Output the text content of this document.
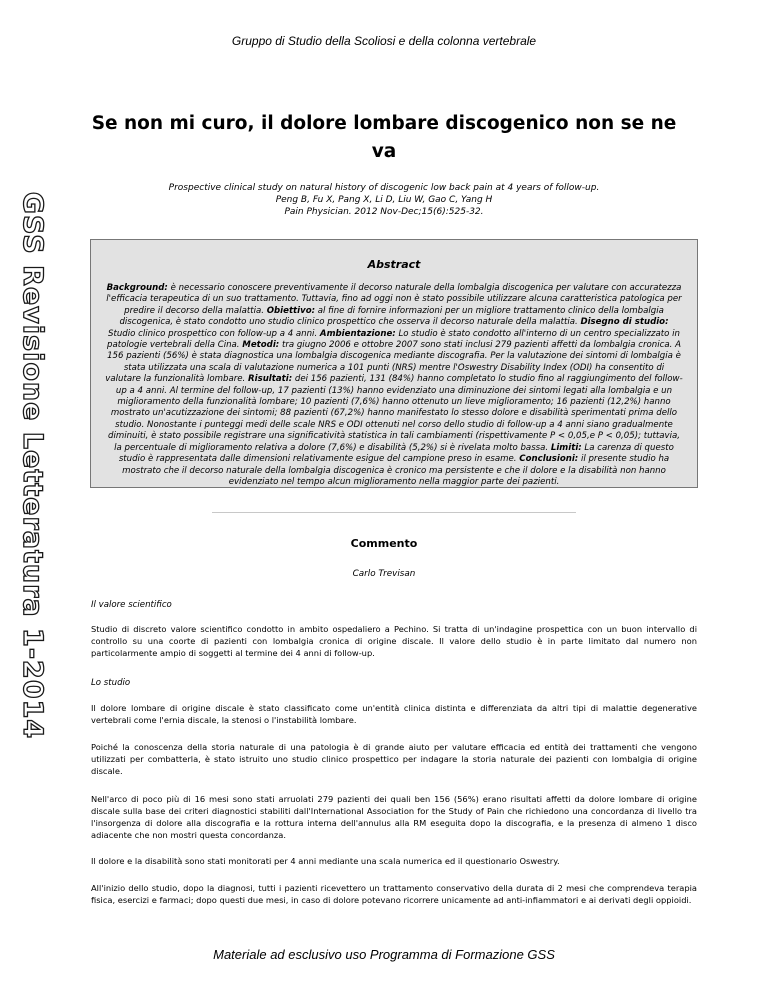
Gruppo di Studio della Scoliosi e della colonna vertebrale
Se non mi curo, il dolore lombare discogenico non se ne va
Prospective clinical study on natural history of discogenic low back pain at 4 years of follow-up.
Peng B, Fu X, Pang X, Li D, Liu W, Gao C, Yang H
Pain Physician. 2012 Nov-Dec;15(6):525-32.
GSS Revisione Letteratura 1-2014	Abstract
Background: è necessario conoscere preventivamente il decorso naturale della lombalgia discogenica per valutare con accuratezza l'efficacia terapeutica di un suo trattamento. Tuttavia, fino ad oggi non è stato possibile utilizzare alcuna caratteristica patologica per predire il decorso della malattia. Obiettivo: al fine di fornire informazioni per un migliore trattamento clinico della lombalgia discogenica, è stato condotto uno studio clinico prospettico che osserva il decorso naturale della malattia. Disegno di studio: Studio clinico prospettico con follow-up a 4 anni. Ambientazione: Lo studio è stato condotto all'interno di un centro specializzato in patologie vertebrali della Cina. Metodi: tra giugno 2006 e ottobre 2007 sono stati inclusi 279 pazienti affetti da lombalgia cronica. A 156 pazienti (56%) è stata diagnostica una lombalgia discogenica mediante discografia. Per la valutazione dei sintomi di lombalgia è stata utilizzata una scala di valutazione numerica a 101 punti (NRS) mentre l'Oswestry Disability Index (ODI) ha consentito di valutare la funzionalità lombare. Risultati: dei 156 pazienti, 131 (84%) hanno completato lo studio fino al raggiungimento del follow-up a 4 anni. Al termine del follow-up, 17 pazienti (13%) hanno evidenziato una diminuzione dei sintomi legati alla lombalgia e un miglioramento della funzionalità lombare; 10 pazienti (7,6%) hanno ottenuto un lieve miglioramento; 16 pazienti (12,2%) hanno mostrato un'acutizzazione dei sintomi; 88 pazienti (67,2%) hanno manifestato lo stesso dolore e disabilità sperimentati prima dello studio. Nonostante i punteggi medi delle scale NRS e ODI ottenuti nel corso dello studio di follow-up a 4 anni siano gradualmente diminuiti, è stato possibile registrare una significatività statistica in tali cambiamenti (rispettivamente P < 0,05,e P < 0,05); tuttavia, la percentuale di miglioramento relativa a dolore (7,6%) e disabilità (5,2%) si è rivelata molto bassa. Limiti: La carenza di questo studio è rappresentata dalle dimensioni relativamente esigue del campione preso in esame. Conclusioni: il presente studio ha mostrato che il decorso naturale della lombalgia discogenica è cronico ma persistente e che il dolore e la disabilità non hanno evidenziato nel tempo alcun miglioramento nella maggior parte dei pazienti.
Commento
Carlo Trevisan
Il valore scientifico
Studio di discreto valore scientifico condotto in ambito ospedaliero a Pechino. Si tratta di un'indagine prospettica con un buon intervallo di controllo su una coorte di pazienti con lombalgia cronica di origine discale. Il valore dello studio è in parte limitato dal numero non particolarmente ampio di soggetti al termine dei 4 anni di follow-up.
Lo studio
Il dolore lombare di origine discale è stato classificato come un'entità clinica distinta e differenziata da altri tipi di malattie degenerative vertebrali come l'ernia discale, la stenosi o l'instabilità lombare.
Poiché la conoscenza della storia naturale di una patologia è di grande aiuto per valutare efficacia ed entità dei trattamenti che vengono utilizzati per combatterla, è stato istruito uno studio clinico prospettico per indagare la storia naturale dei pazienti con lombalgia di origine discale.
Nell'arco di poco più di 16 mesi sono stati arruolati 279 pazienti dei quali ben 156 (56%) erano risultati affetti da dolore lombare di origine discale sulla base dei criteri diagnostici stabiliti dall'International Association for the Study of Pain che richiedono una concordanza di livello tra l'insorgenza di dolore alla discografia e la rottura interna dell'annulus alla RM eseguita dopo la discografia, e la presenza di almeno 1 disco adiacente che non mostri questa concordanza.
Il dolore e la disabilità sono stati monitorati per 4 anni mediante una scala numerica ed il questionario Oswestry.
All'inizio dello studio, dopo la diagnosi, tutti i pazienti ricevettero un trattamento conservativo della durata di 2 mesi che comprendeva terapia fisica, esercizi e farmaci; dopo questi due mesi, in caso di dolore potevano ricorrere unicamente ad anti-infiammatori e ai derivati degli oppioidi.
Materiale ad esclusivo uso Programma di Formazione GSS
